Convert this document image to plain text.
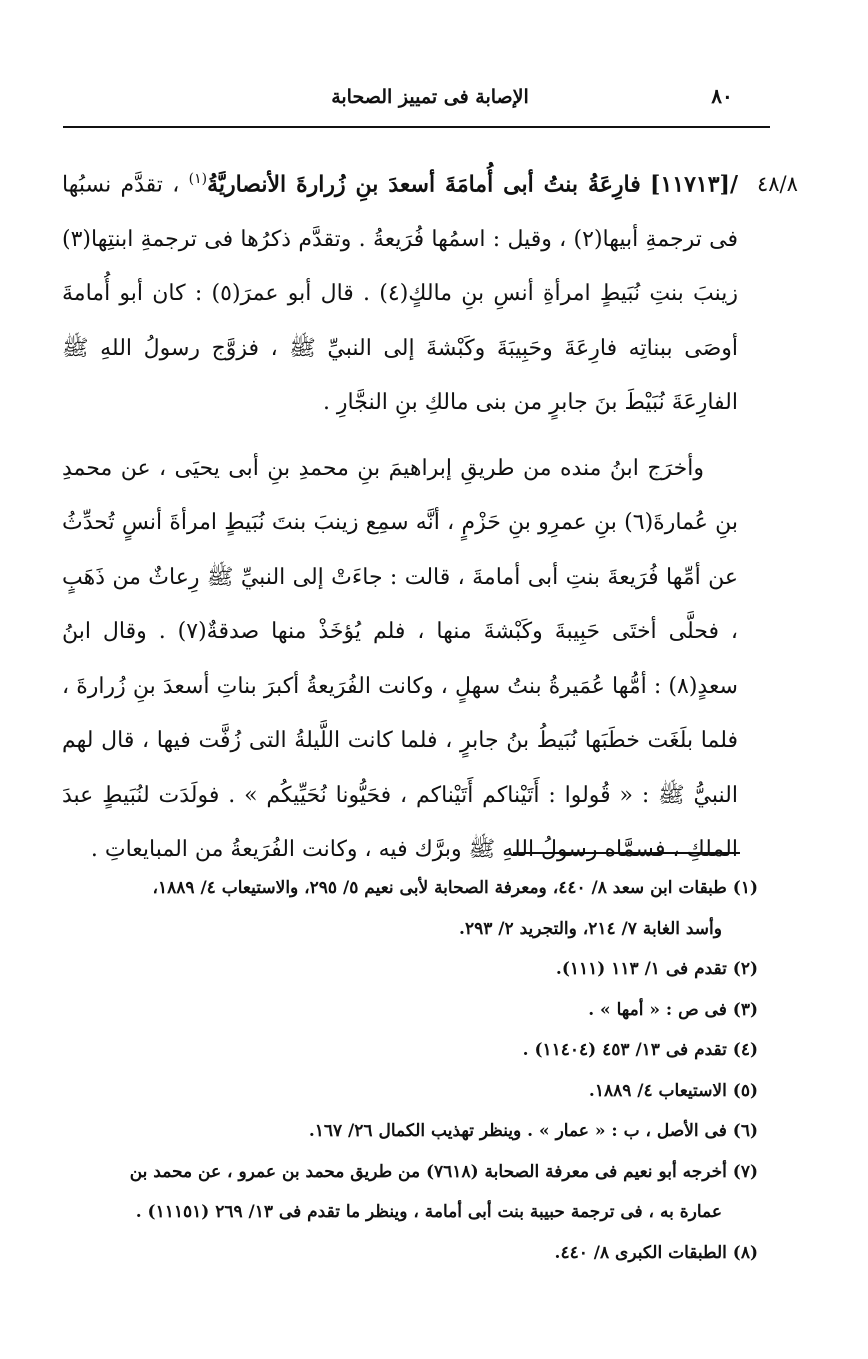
٨٠
الإصابة فى تمييز الصحابة
٤٨/٨

/[١١٧١٣] فارِعَةُ بنتُ أبى أُمامَةَ أسعدَ بنِ زُرارةَ الأنصاريَّةُ$^{(١)}$ ، تقدَّم نسبُها فى ترجمةِ أبيها(٢) ، وقيل : اسمُها فُرَيعةُ . وتقدَّم ذكرُها فى ترجمةِ ابنتِها(٣) زينبَ بنتِ نُبَيطٍ امرأةِ أنسِ بنِ مالكٍ(٤) . قال أبو عمرَ(٥) : كان أبو أُمامةَ أوصَى ببناتِه فارِعَةَ وحَبِيبَةَ وكَبْشةَ إلى النبيِّ ﷺ ، فزوَّج رسولُ اللهِ ﷺ الفارِعَةَ نُبَيْطَ بنَ جابرٍ من بنى مالكِ بنِ النجَّارِ .

وأخرَج ابنُ منده من طريقِ إبراهيمَ بنِ محمدِ بنِ أبى يحيَى ، عن محمدِ بنِ عُمارةَ(٦) بنِ عمرِو بنِ حَزْمٍ ، أنَّه سمِع زينبَ بنتَ نُبَيطٍ امرأةَ أنسٍ تُحدِّثُ عن أمِّها فُرَيعةَ بنتِ أبى أمامةَ ، قالت : جاءَتْ إلى النبيِّ ﷺ رِعاثٌ من ذَهَبٍ ، فحلَّى أختَى حَبِيبةَ وكَبْشةَ منها ، فلم يُؤخَذْ منها صدقةٌ(٧) . وقال ابنُ سعدٍ(٨) : أمُّها عُمَيرةُ بنتُ سهلٍ ، وكانت الفُرَيعةُ أكبرَ بناتِ أسعدَ بنِ زُرارةَ ، فلما بلَغَت خطَبَها نُبَيطُ بنُ جابرٍ ، فلما كانت اللَّيلةُ التى زُفَّت فيها ، قال لهم النبيُّ ﷺ : « قُولوا : أَتَيْناكم أَتَيْناكم ، فحَيُّونا نُحَيِّيكُم » . فولَدَت لنُبَيطٍ عبدَ الملكِ ، فسمَّاه رسولُ اللهِ ﷺ وبرَّك فيه ، وكانت الفُرَيعةُ من المبايعاتِ .

(١) طبقات ابن سعد ٨/ ٤٤٠، ومعرفة الصحابة لأبى نعيم ٥/ ٢٩٥، والاستيعاب ٤/ ١٨٨٩،

وأسد الغابة ٧/ ٢١٤، والتجريد ٢/ ٢٩٣.

(٢) تقدم فى ١/ ١١٣ (١١١).

(٣) فى ص : « أمها » .

(٤) تقدم فى ١٣/ ٤٥٣ (١١٤٠٤) .

(٥) الاستيعاب ٤/ ١٨٨٩.

(٦) فى الأصل ، ب : « عمار » . وينظر تهذيب الكمال ٢٦/ ١٦٧.

(٧) أخرجه أبو نعيم فى معرفة الصحابة (٧٦١٨) من طريق محمد بن عمرو ، عن محمد بن

عمارة به ، فى ترجمة حبيبة بنت أبى أمامة ، وينظر ما تقدم فى ١٣/ ٢٦٩ (١١١٥١) .

(٨) الطبقات الكبرى ٨/ ٤٤٠.
